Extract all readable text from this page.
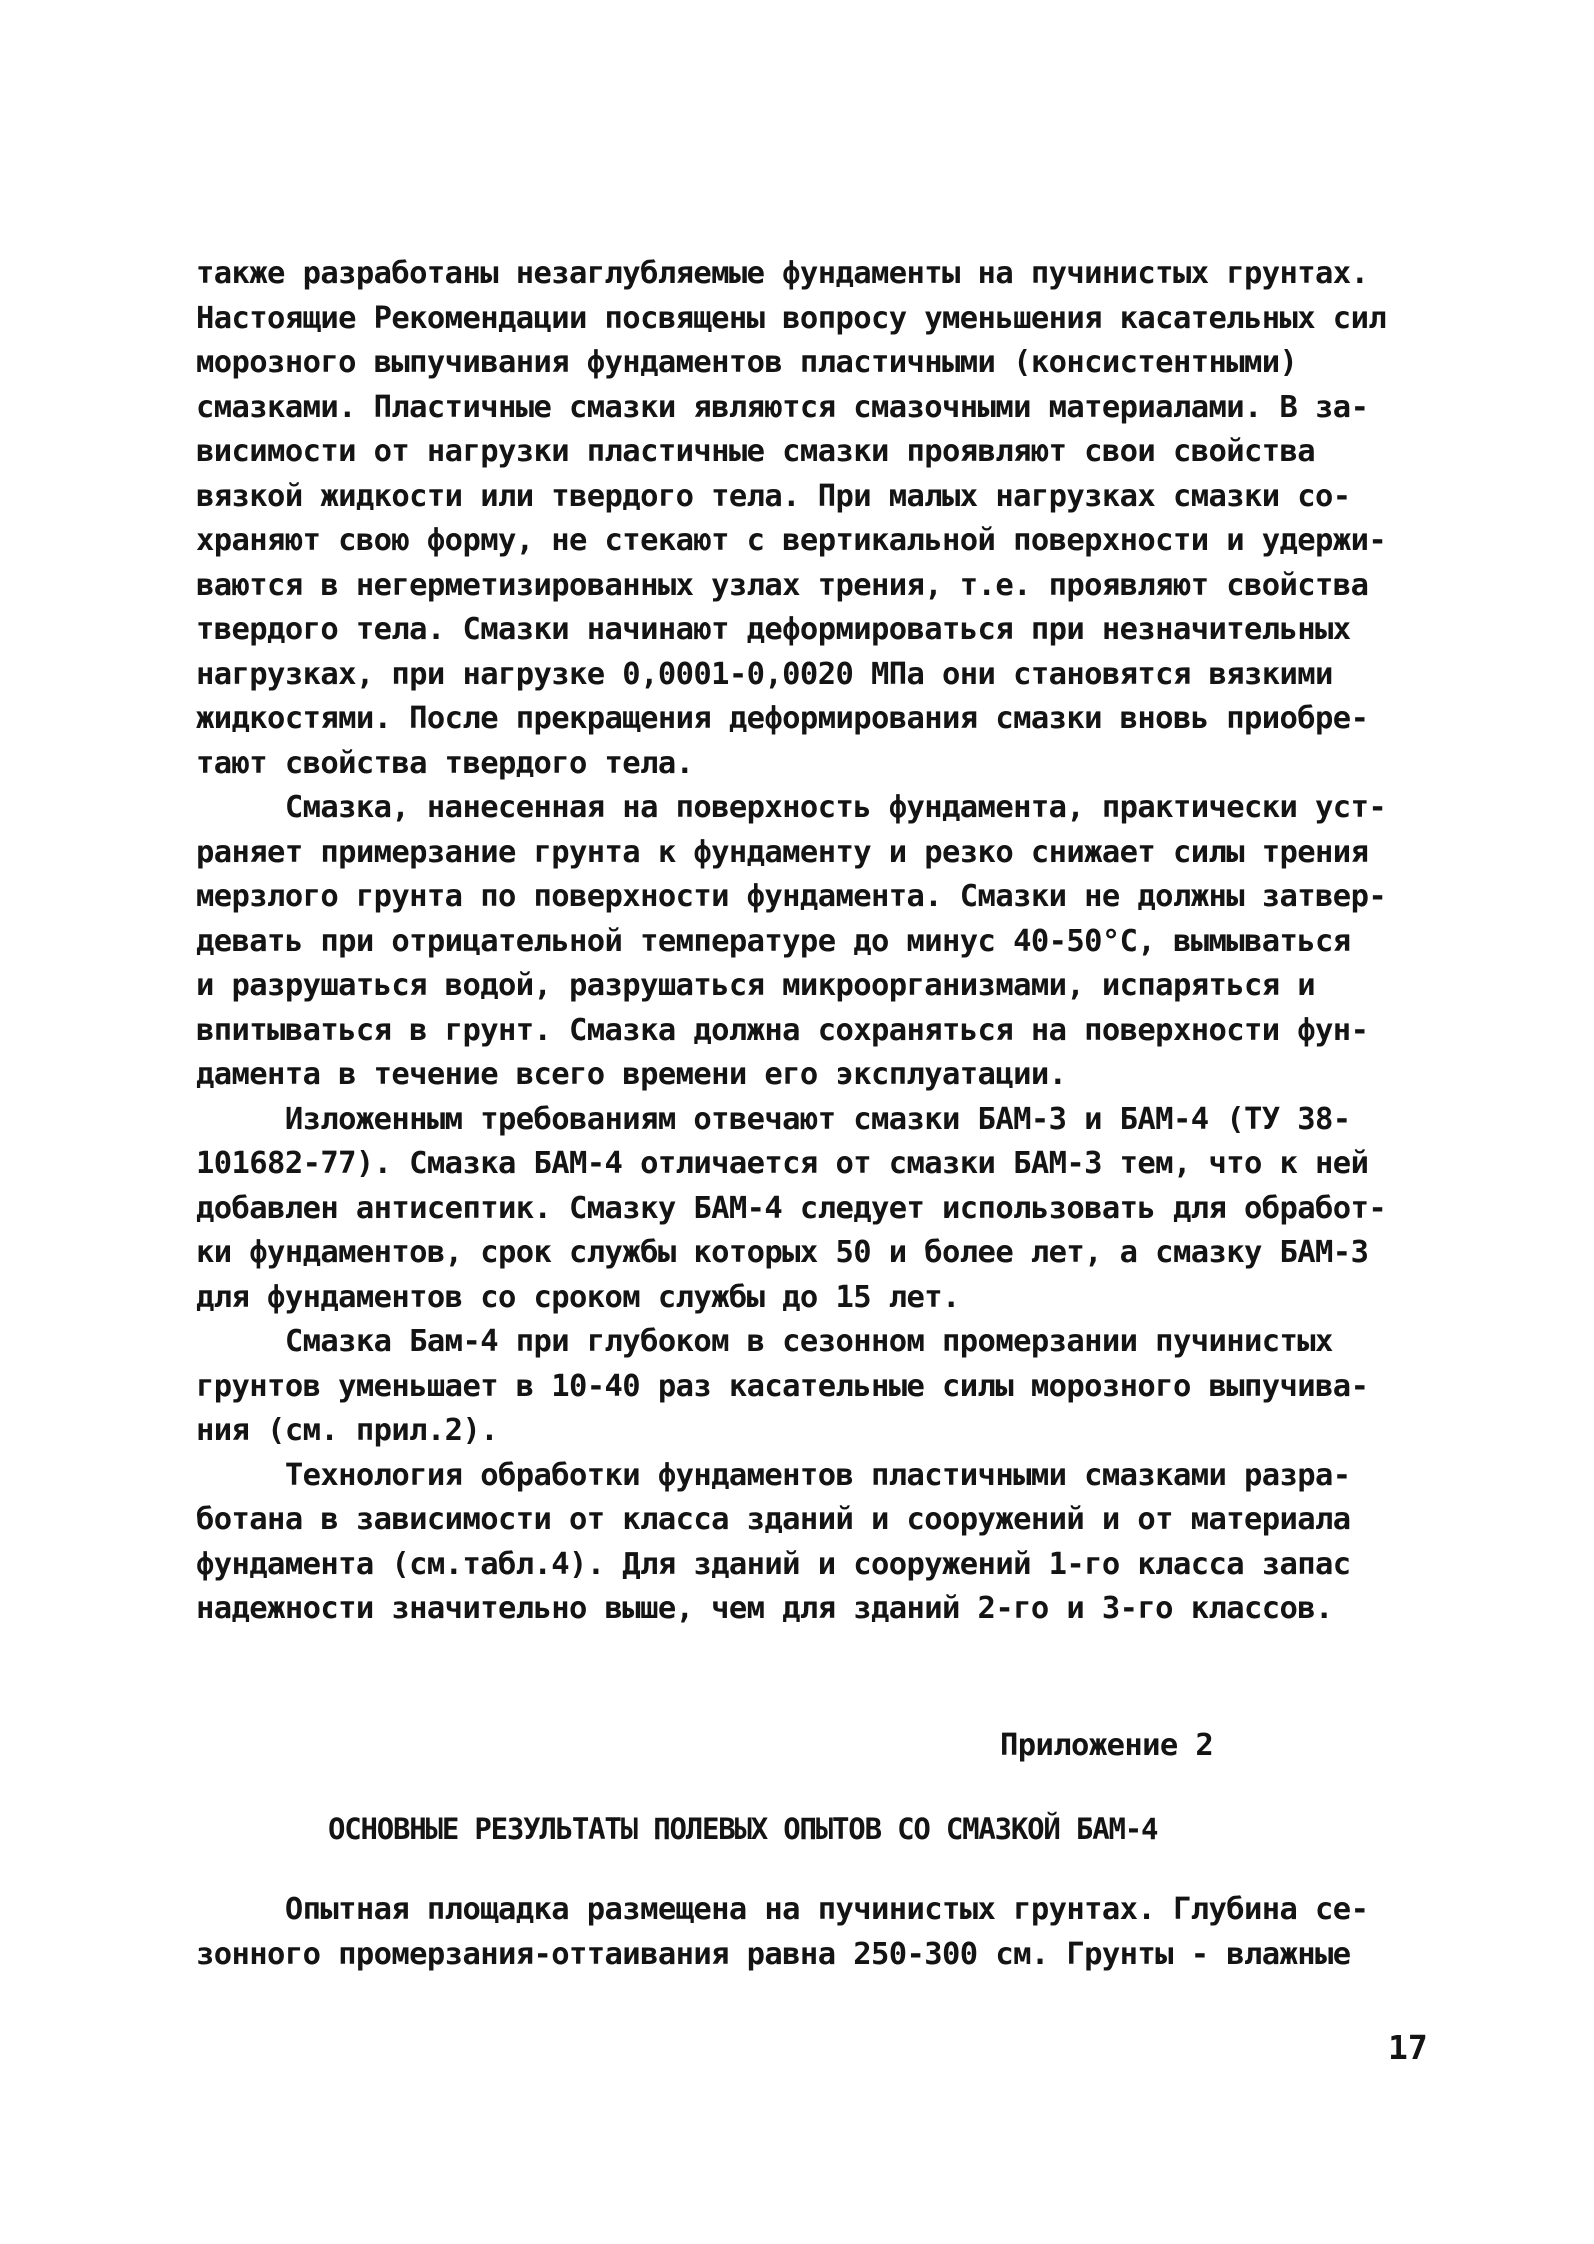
также разработаны незаглубляемые фундаменты на пучинистых грунтах.
Настоящие Рекомендации посвящены вопросу уменьшения касательных сил
морозного выпучивания фундаментов пластичными (консистентными)
смазками. Пластичные смазки являются смазочными материалами. В за-
висимости от нагрузки пластичные смазки проявляют свои свойства
вязкой жидкости или твердого тела. При малых нагрузках смазки со-
храняют свою форму, не стекают с вертикальной поверхности и удержи-
ваются в негерметизированных узлах трения, т.е. проявляют свойства
твердого тела. Смазки начинают деформироваться при незначительных
нагрузках, при нагрузке 0,0001-0,0020 МПа они становятся вязкими
жидкостями. После прекращения деформирования смазки вновь приобре-
тают свойства твердого тела.
Смазка, нанесенная на поверхность фундамента, практически уст-
раняет примерзание грунта к фундаменту и резко снижает силы трения
мерзлого грунта по поверхности фундамента. Смазки не должны затвер-
девать при отрицательной температуре до минус 40-50°С, вымываться
и разрушаться водой, разрушаться микроорганизмами, испаряться и
впитываться в грунт. Смазка должна сохраняться на поверхности фун-
дамента в течение всего времени его эксплуатации.
Изложенным требованиям отвечают смазки БАМ-3 и БАМ-4 (ТУ 38-
101682-77). Смазка БАМ-4 отличается от смазки БАМ-3 тем, что к ней
добавлен антисептик. Смазку БАМ-4 следует использовать для обработ-
ки фундаментов, срок службы которых 50 и более лет, а смазку БАМ-3
для фундаментов со сроком службы до 15 лет.
Смазка Бам-4 при глубоком в сезонном промерзании пучинистых
грунтов уменьшает в 10-40 раз касательные силы морозного выпучива-
ния (см. прил.2).
Технология обработки фундаментов пластичными смазками разра-
ботана в зависимости от класса зданий и сооружений и от материала
фундамента (см.табл.4). Для зданий и сооружений 1-го класса запас
надежности значительно выше, чем для зданий 2-го и 3-го классов.
Приложение 2
ОСНОВНЫЕ РЕЗУЛЬТАТЫ ПОЛЕВЫХ ОПЫТОВ СО СМАЗКОЙ БАМ-4
Опытная площадка размещена на пучинистых грунтах. Глубина се-
зонного промерзания-оттаивания равна 250-300 см. Грунты - влажные
17
